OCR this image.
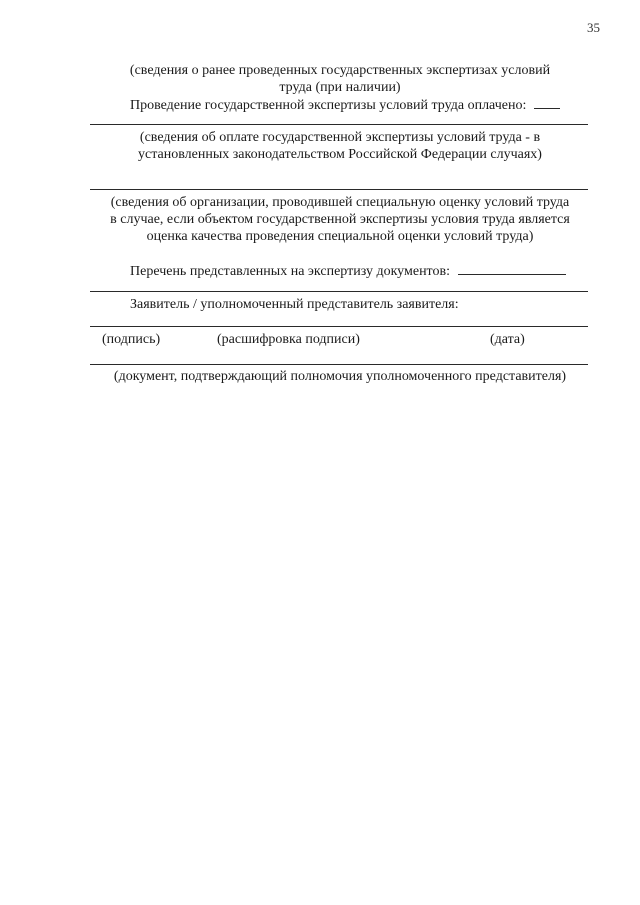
35
(сведения о ранее проведенных государственных экспертизах условий
труда (при наличии)
Проведение государственной экспертизы условий труда оплачено:
(сведения об оплате государственной экспертизы условий труда - в
установленных законодательством Российской Федерации случаях)
(сведения об организации, проводившей специальную оценку условий труда
в случае, если объектом государственной экспертизы условия труда является
оценка качества проведения специальной оценки условий труда)
Перечень представленных на экспертизу документов:
Заявитель / уполномоченный представитель заявителя:
(подпись)	(расшифровка подписи)	(дата)
(документ, подтверждающий полномочия уполномоченного представителя)
